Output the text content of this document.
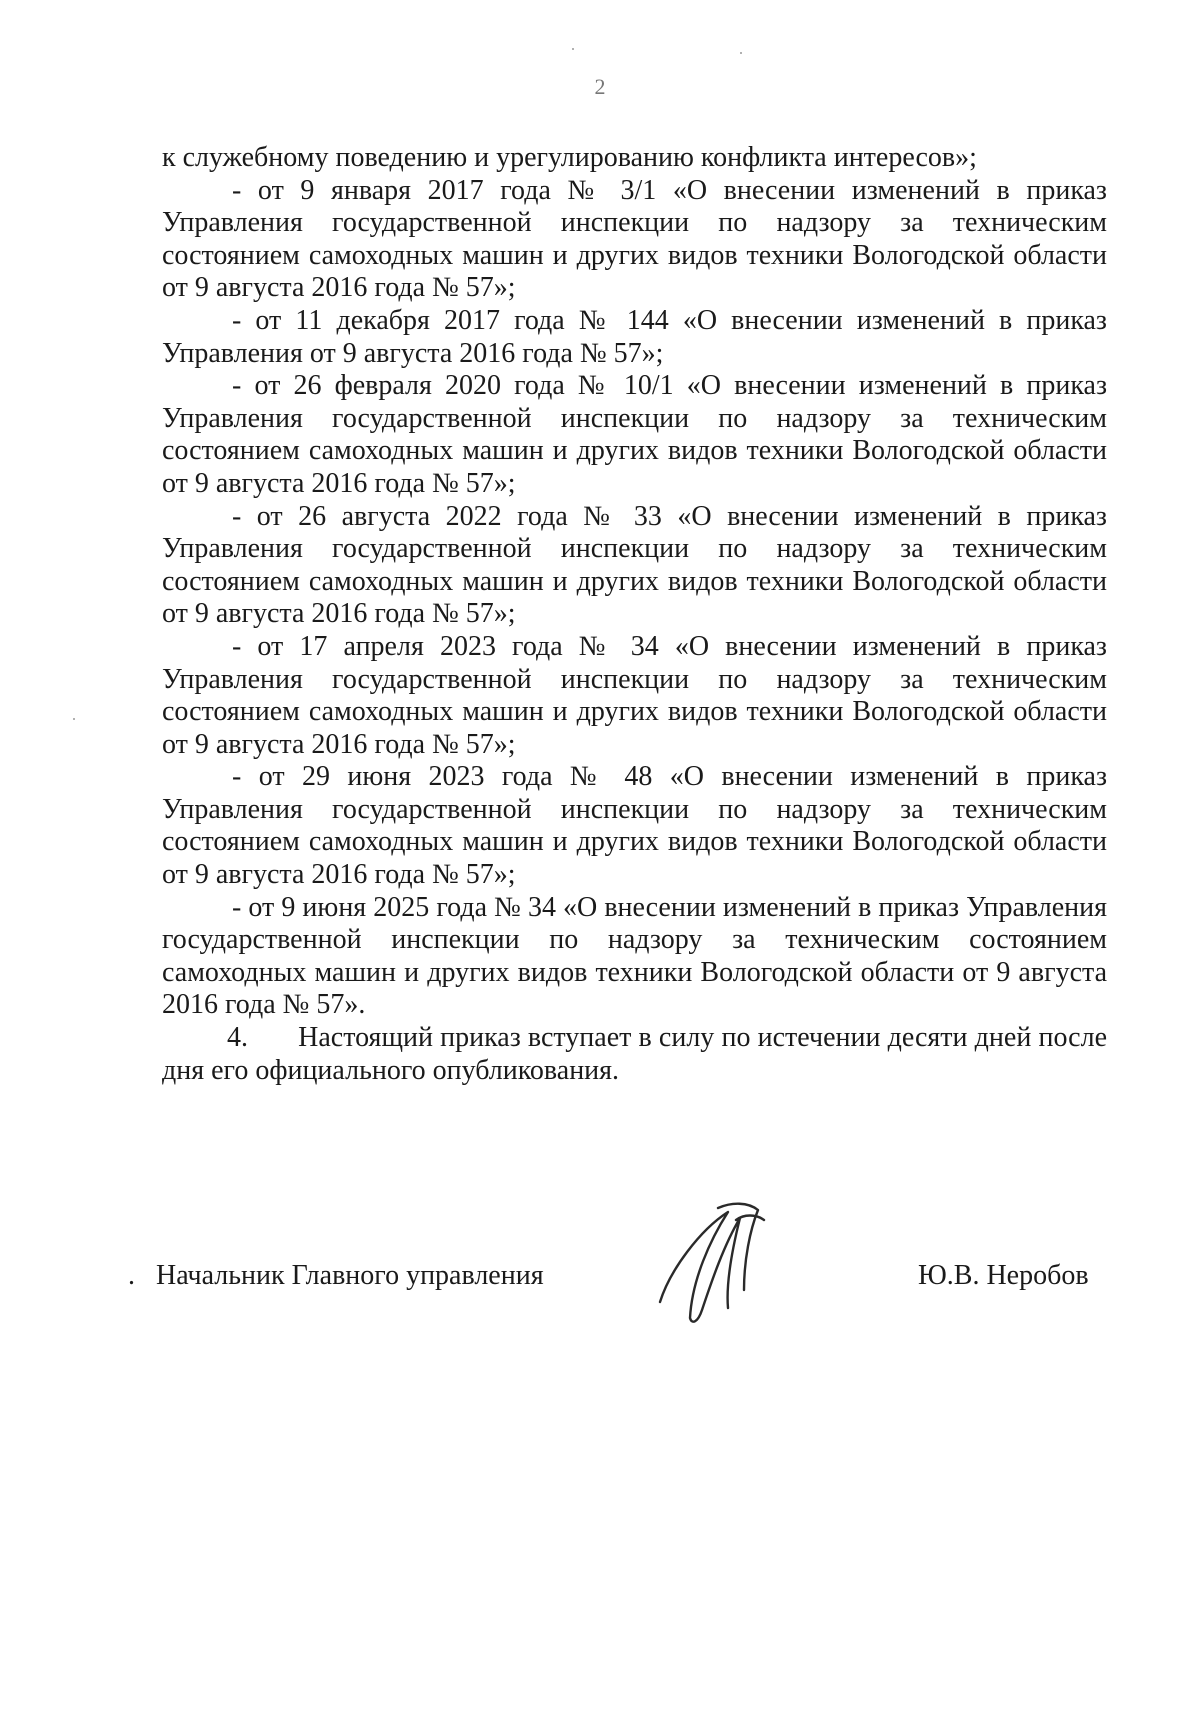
2

к служебному поведению и урегулированию конфликта интересов»;

- от 9 января 2017 года № 3/1 «О внесении изменений в приказ Управления государственной инспекции по надзору за техническим состоянием самоходных машин и других видов техники Вологодской области от 9 августа 2016 года № 57»;

- от 11 декабря 2017 года № 144 «О внесении изменений в приказ Управления от 9 августа 2016 года № 57»;

- от 26 февраля 2020 года № 10/1 «О внесении изменений в приказ Управления государственной инспекции по надзору за техническим состоянием самоходных машин и других видов техники Вологодской области от 9 августа 2016 года № 57»;

- от 26 августа 2022 года № 33 «О внесении изменений в приказ Управления государственной инспекции по надзору за техническим состоянием самоходных машин и других видов техники Вологодской области от 9 августа 2016 года № 57»;

- от 17 апреля 2023 года № 34 «О внесении изменений в приказ Управления государственной инспекции по надзору за техническим состоянием самоходных машин и других видов техники Вологодской области от 9 августа 2016 года № 57»;

- от 29 июня 2023 года № 48 «О внесении изменений в приказ Управления государственной инспекции по надзору за техническим состоянием самоходных машин и других видов техники Вологодской области от 9 августа 2016 года № 57»;

- от 9 июня 2025 года № 34 «О внесении изменений в приказ Управления государственной инспекции по надзору за техническим состоянием самоходных машин и других видов техники Вологодской области от 9 августа 2016 года № 57».

4.       Настоящий приказ вступает в силу по истечении десяти дней после дня его официального опубликования.

. Начальник Главного управления	Ю.В. Неробов
